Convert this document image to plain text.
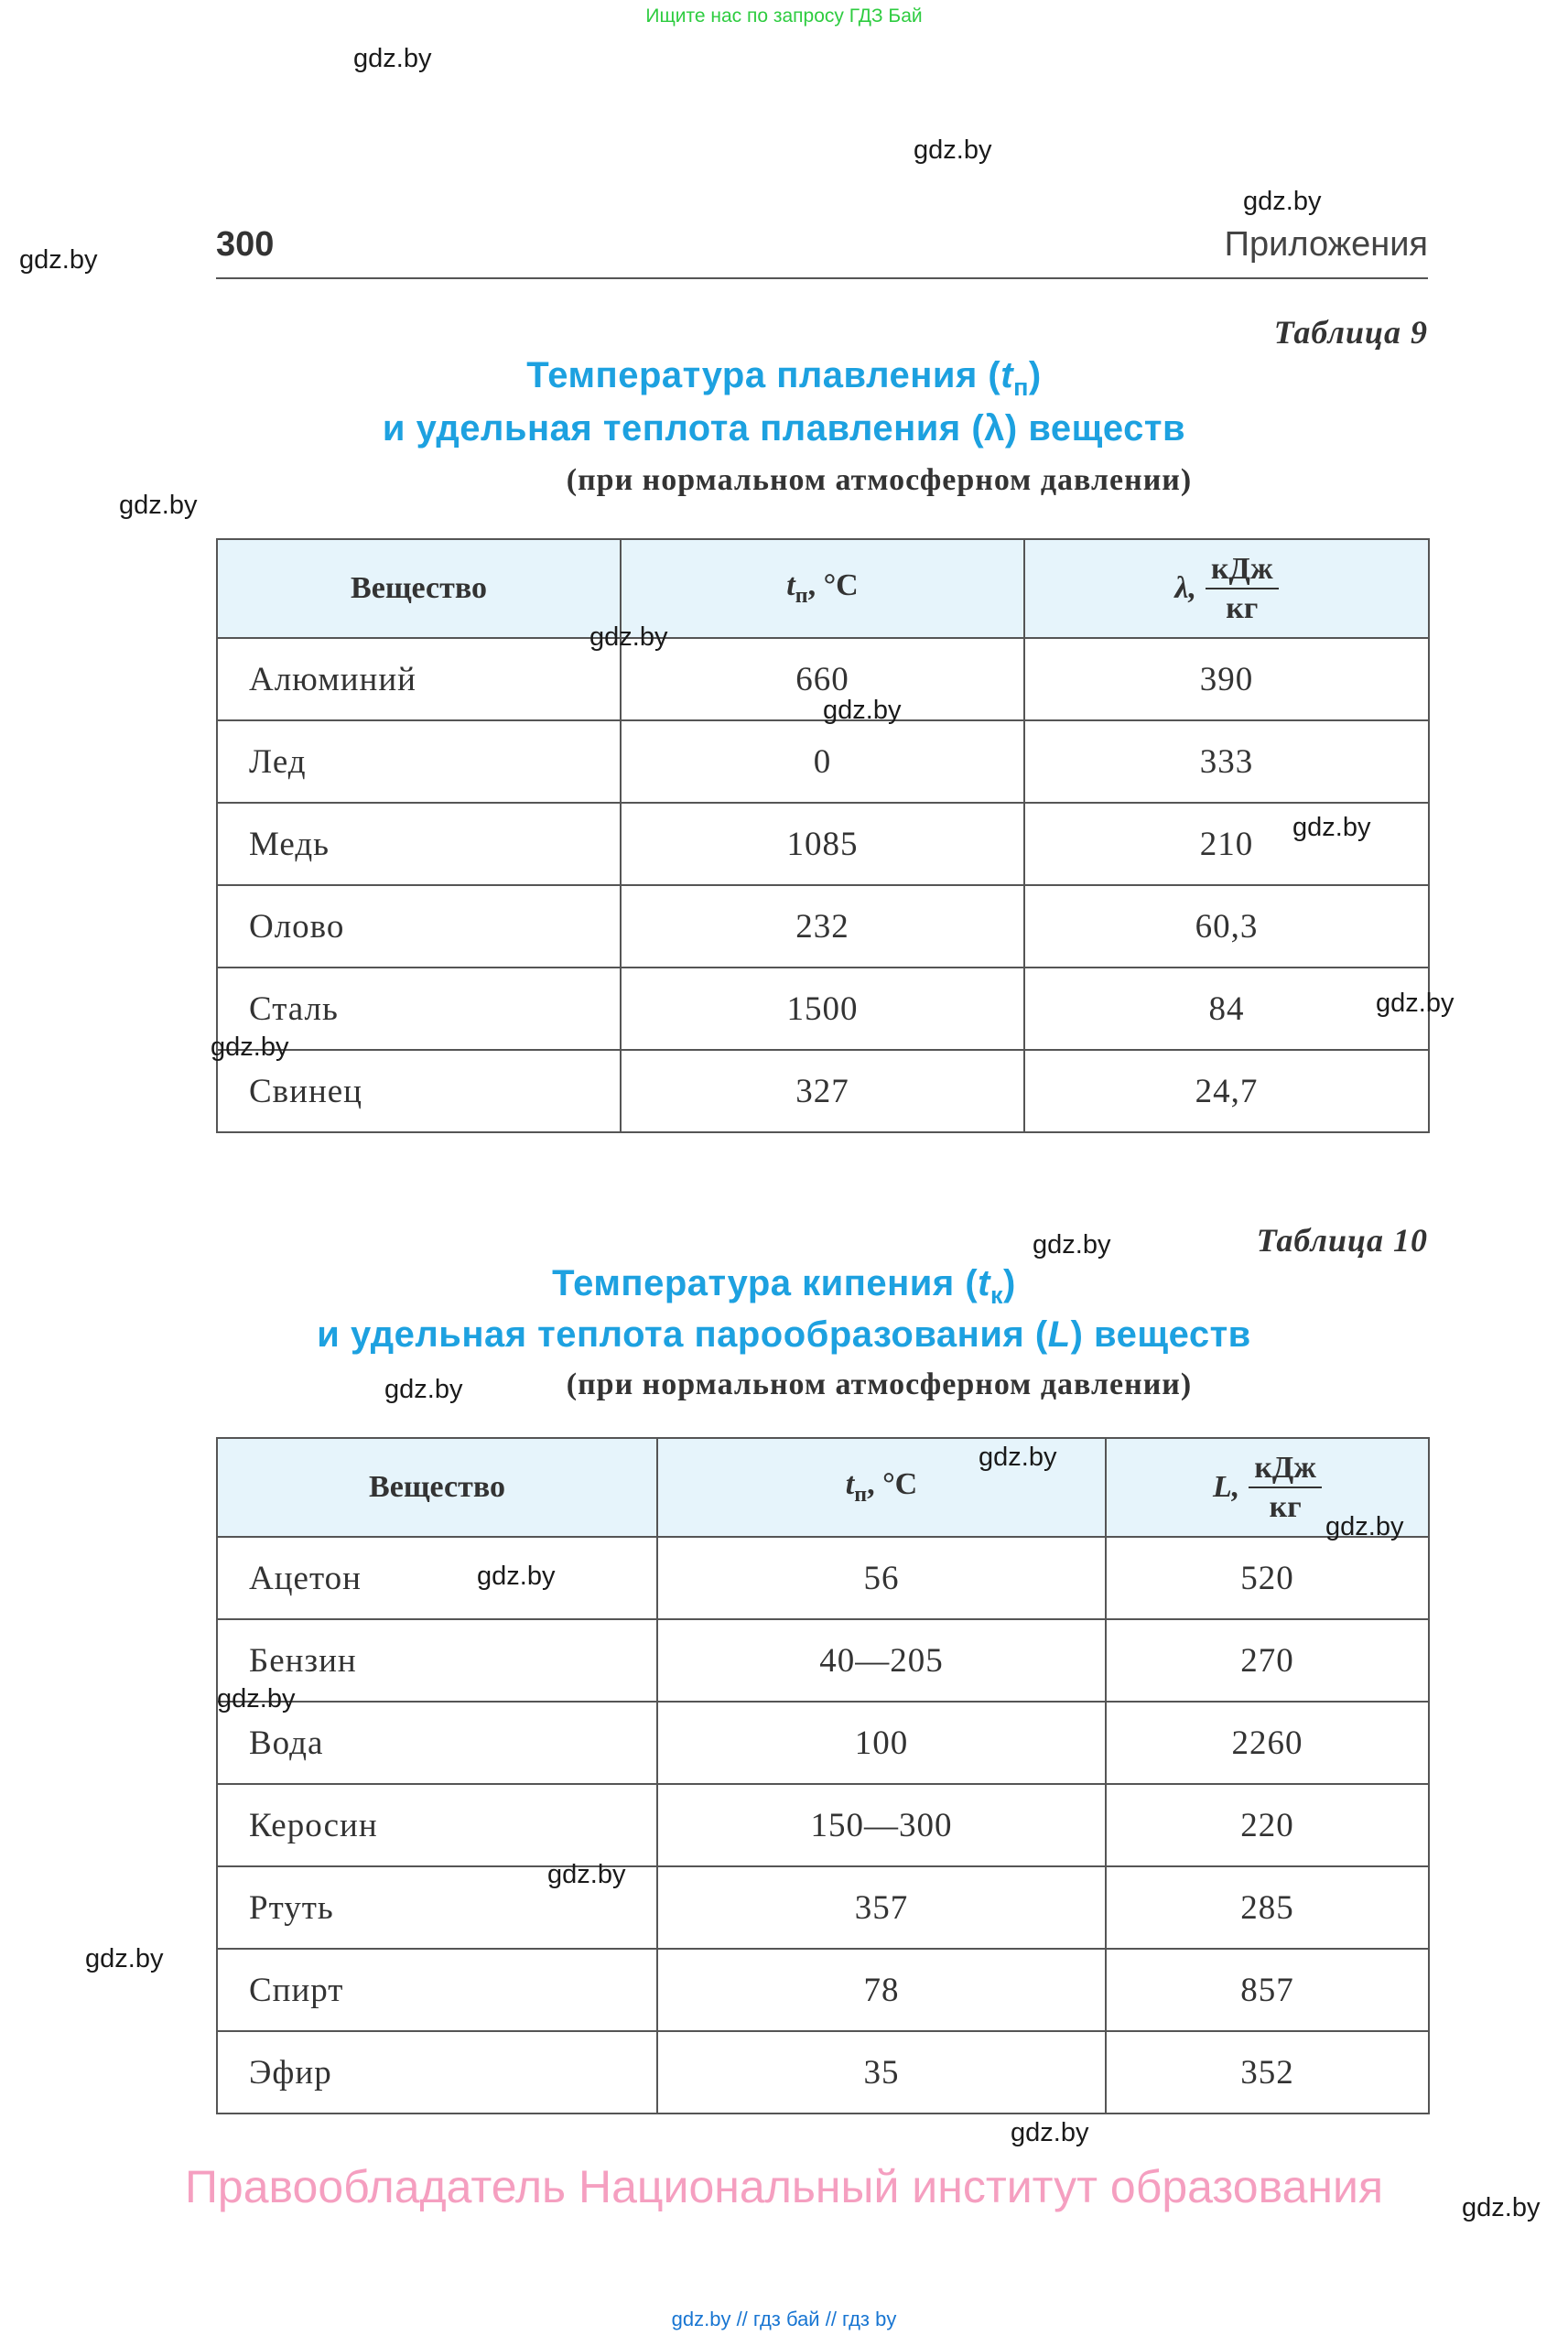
Ищите нас по запросу ГДЗ Бай
gdz.by
gdz.by
gdz.by
gdz.by
gdz.by
300	Приложения
Таблица 9
Температура плавления $(t_п)$
и удельная теплота плавления (λ) веществ
(при нормальном атмосферном давлении)
Вещество	$t_п$, °C	λ, $\frac{\text{кДж}}{кг}$

Алюминий	660	390
Лед	0	333
Медь	1085	210
Олово	232	60,3
Сталь	1500	84
Свинец	327	24,7
gdz.by
gdz.by
gdz.by
gdz.by
gdz.by
gdz.by	Таблица 10
Температура кипения $(t_к)$
и удельная теплота парообразования (L) веществ
(при нормальном атмосферном давлении)
gdz.by
Вещество	$t_п$, °C	L, $\frac{\text{кДж}}{кг}$

Ацетон	56	520
Бензин	40—205	270
Вода	100	2260
Керосин	150—300	220
Ртуть	357	285
Спирт	78	857
Эфир	35	352
gdz.by
gdz.by
gdz.by
gdz.by
gdz.by
gdz.by
gdz.by
gdz.by
Правообладатель Национальный институт образования
gdz.by // гдз бай // гдз by
